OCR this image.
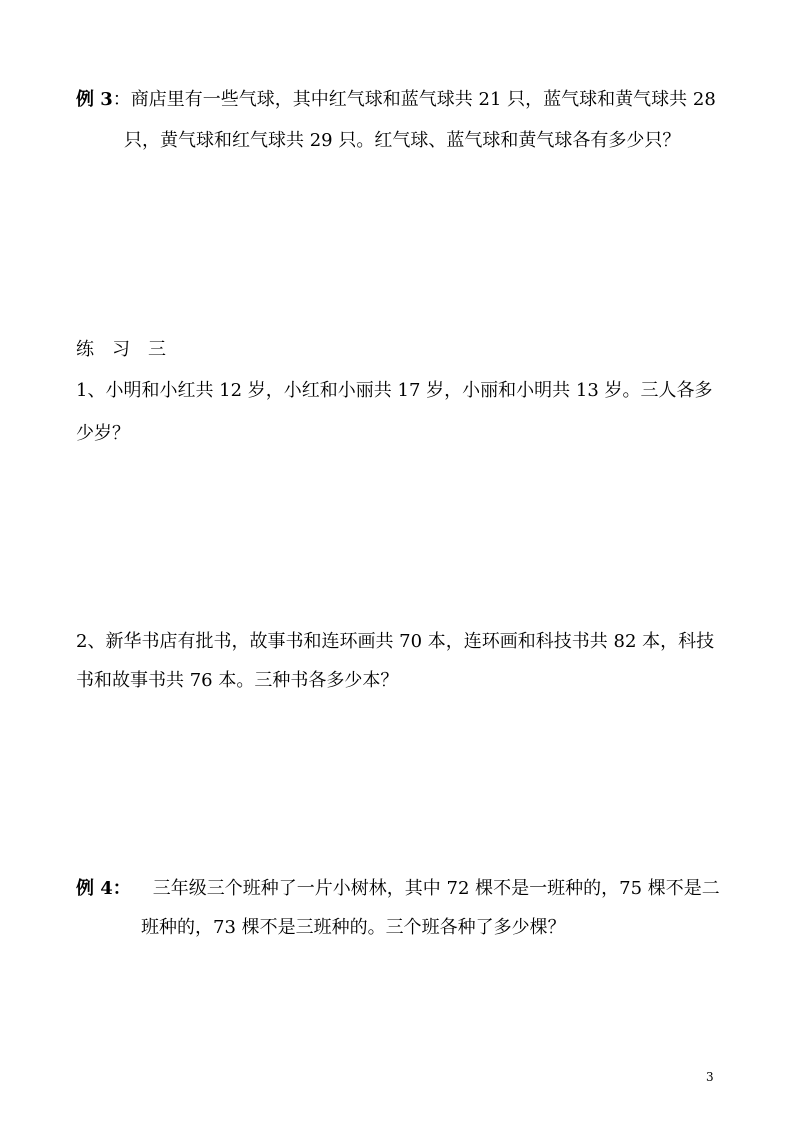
例 3：商店里有一些气球，其中红气球和蓝气球共 21 只，蓝气球和黄气球共 28
只，黄气球和红气球共 29 只。红气球、蓝气球和黄气球各有多少只？
练　习　三
1、小明和小红共 12 岁，小红和小丽共 17 岁，小丽和小明共 13 岁。三人各多
少岁？
2、新华书店有批书，故事书和连环画共 70 本，连环画和科技书共 82 本，科技
书和故事书共 76 本。三种书各多少本？
例 4： 三年级三个班种了一片小树林，其中 72 棵不是一班种的，75 棵不是二
班种的，73 棵不是三班种的。三个班各种了多少棵？
3
